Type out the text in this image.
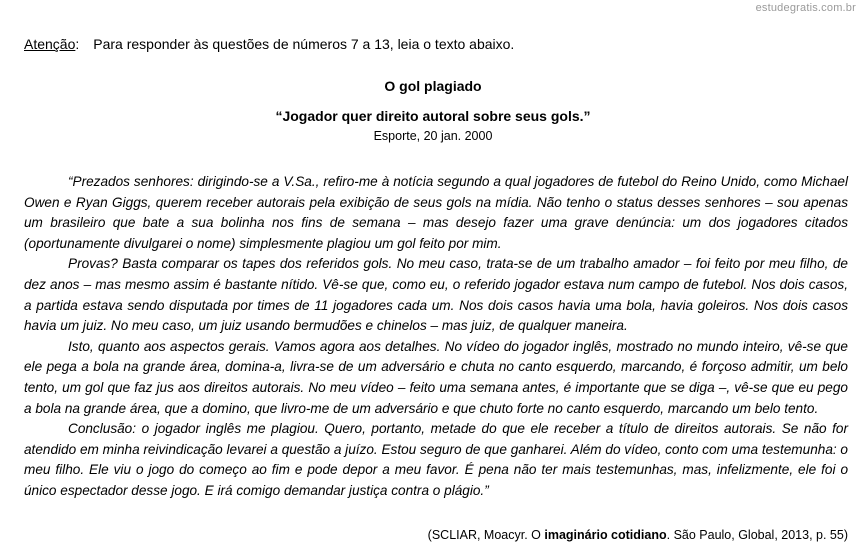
estudegratis.com.br
Atenção: Para responder às questões de números 7 a 13, leia o texto abaixo.
O gol plagiado
“Jogador quer direito autoral sobre seus gols.”
Esporte, 20 jan. 2000

“Prezados senhores: dirigindo-se a V.Sa., refiro-me à notícia segundo a qual jogadores de futebol do Reino Unido, como Michael Owen e Ryan Giggs, querem receber autorais pela exibição de seus gols na mídia. Não tenho o status desses senhores – sou apenas um brasileiro que bate a sua bolinha nos fins de semana – mas desejo fazer uma grave denúncia: um dos jogadores citados (oportunamente divulgarei o nome) simplesmente plagiou um gol feito por mim.

Provas? Basta comparar os tapes dos referidos gols. No meu caso, trata-se de um trabalho amador – foi feito por meu filho, de dez anos – mas mesmo assim é bastante nítido. Vê-se que, como eu, o referido jogador estava num campo de futebol. Nos dois casos, a partida estava sendo disputada por times de 11 jogadores cada um. Nos dois casos havia uma bola, havia goleiros. Nos dois casos havia um juiz. No meu caso, um juiz usando bermudões e chinelos – mas juiz, de qualquer maneira.

Isto, quanto aos aspectos gerais. Vamos agora aos detalhes. No vídeo do jogador inglês, mostrado no mundo inteiro, vê-se que ele pega a bola na grande área, domina-a, livra-se de um adversário e chuta no canto esquerdo, marcando, é forçoso admitir, um belo tento, um gol que faz jus aos direitos autorais. No meu vídeo – feito uma semana antes, é importante que se diga –, vê-se que eu pego a bola na grande área, que a domino, que livro-me de um adversário e que chuto forte no canto esquerdo, marcando um belo tento.

Conclusão: o jogador inglês me plagiou. Quero, portanto, metade do que ele receber a título de direitos autorais. Se não for atendido em minha reivindicação levarei a questão a juízo. Estou seguro de que ganharei. Além do vídeo, conto com uma testemunha: o meu filho. Ele viu o jogo do começo ao fim e pode depor a meu favor. É pena não ter mais testemunhas, mas, infelizmente, ele foi o único espectador desse jogo. E irá comigo demandar justiça contra o plágio.”

(SCLIAR, Moacyr. O imaginário cotidiano. São Paulo, Global, 2013, p. 55)
